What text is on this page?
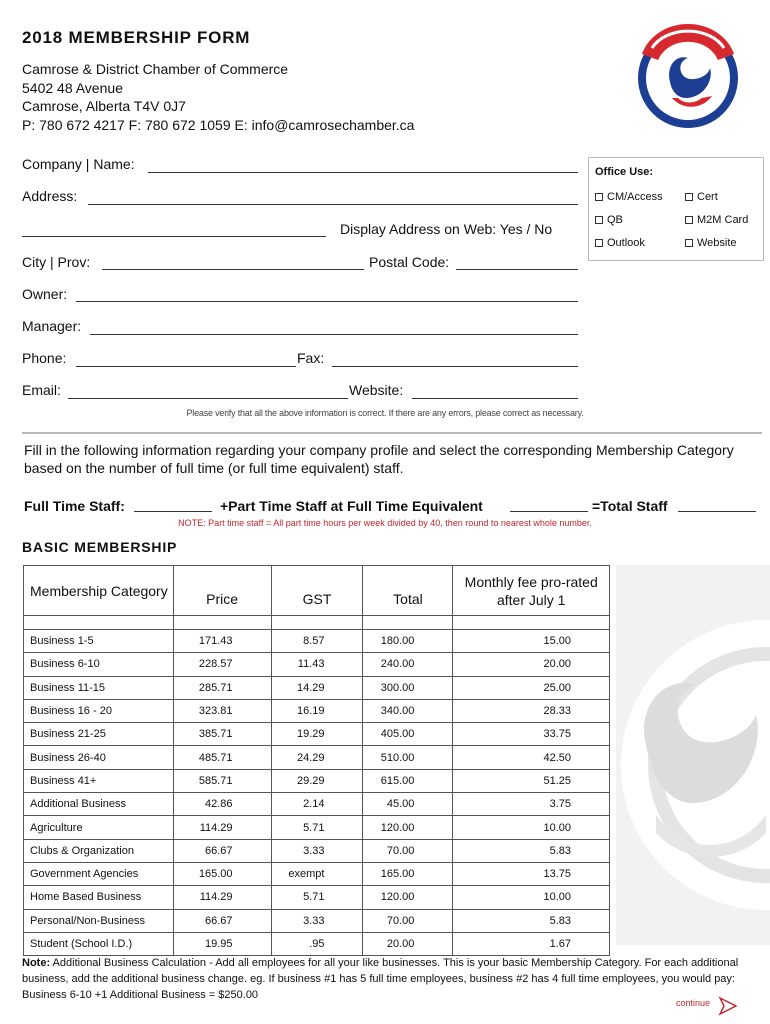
2018 MEMBERSHIP FORM
Camrose & District Chamber of Commerce
5402 48 Avenue
Camrose, Alberta T4V 0J7
P: 780 672 4217 F: 780 672 1059 E: info@camrosechamber.ca
Company | Name:
Address:
Display Address on Web: Yes / No
City | Prov:	Postal Code:
Owner:
Manager:
Phone:	Fax:
Email:	Website:
Office Use:
CM/Access	Cert
QB	M2M Card
Outlook	Website
Please verify that all the above information is correct. If there are any errors, please correct as necessary.
Fill in the following information regarding your company profile and select the corresponding Membership Category based on the number of full time (or full time equivalent) staff.
Full Time Staff:	+Part Time Staff at Full Time Equivalent	=Total Staff
NOTE: Part time staff = All part time hours per week divided by 40, then round to nearest whole number.
BASIC MEMBERSHIP
Membership Category	Price	GST	Total	Monthly fee pro-rated after July 1

Business 1-5	171.43	8.57	180.00	15.00
Business 6-10	228.57	11.43	240.00	20.00
Business 11-15	285.71	14.29	300.00	25.00
Business 16 - 20	323.81	16.19	340.00	28.33
Business 21-25	385.71	19.29	405.00	33.75
Business 26-40	485.71	24.29	510.00	42.50
Business 41+	585.71	29.29	615.00	51.25
Additional Business	42.86	2.14	45.00	3.75
Agriculture	114.29	5.71	120.00	10.00
Clubs & Organization	66.67	3.33	70.00	5.83
Government Agencies	165.00	exempt	165.00	13.75
Home Based Business	114.29	5.71	120.00	10.00
Personal/Non-Business	66.67	3.33	70.00	5.83
Student (School I.D.)	19.95	.95	20.00	1.67
Note: Additional Business Calculation - Add all employees for all your like businesses. This is your basic Membership Category. For each additional business, add the additional business change. eg. If business #1 has 5 full time employees, business #2 has 4 full time employees, you would pay: Business 6-10 +1 Additional Business = $250.00
continue
